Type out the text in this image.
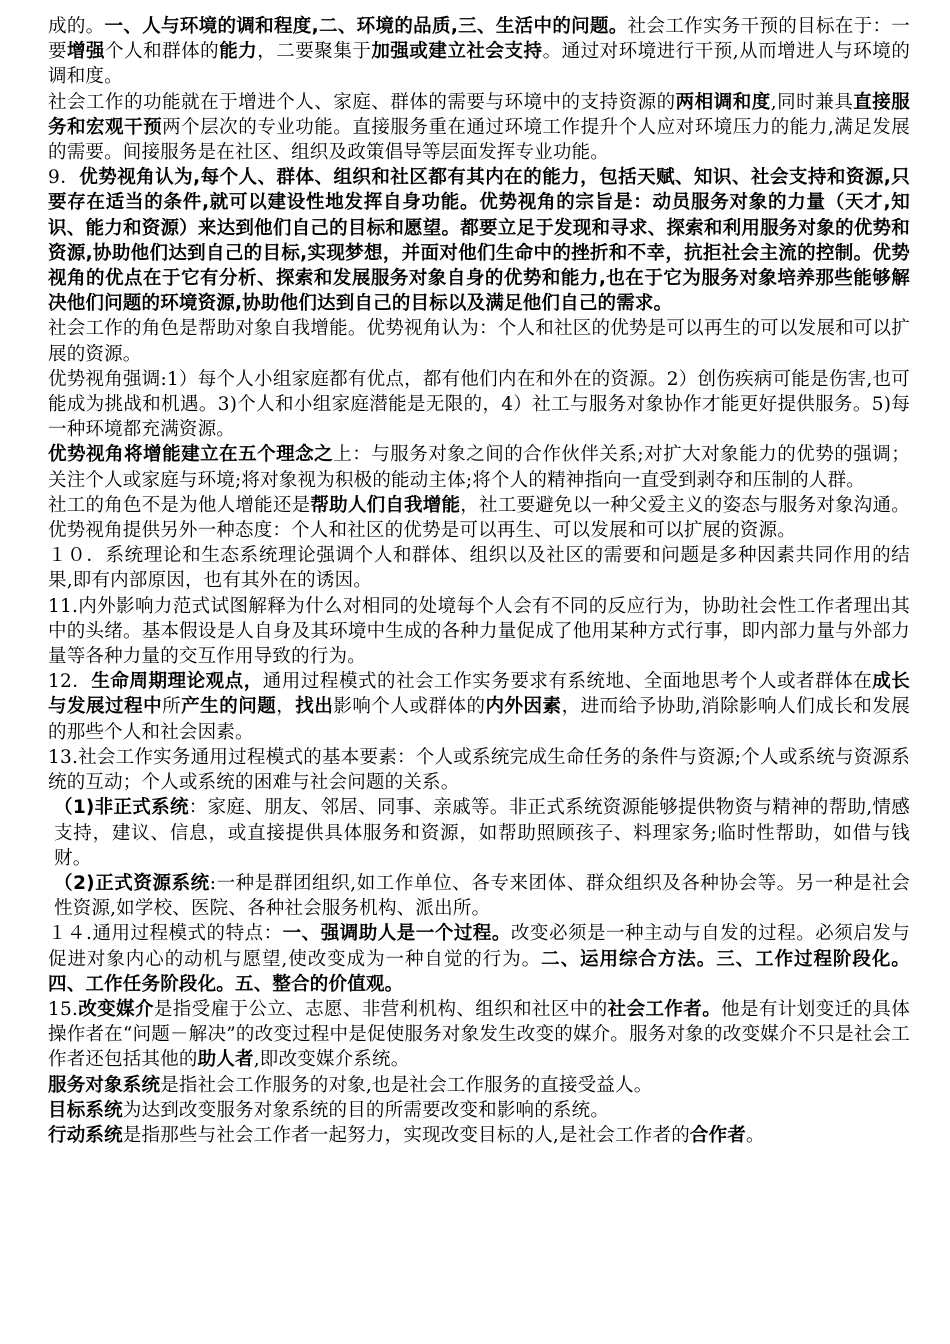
成的。一、人与环境的调和程度,二、环境的品质,三、生活中的问题。社会工作实务干预的目标在于：一要增强个人和群体的能力，二要聚集于加强或建立社会支持。通过对环境进行干预,从而增进人与环境的调和度。

社会工作的功能就在于增进个人、家庭、群体的需要与环境中的支持资源的两相调和度,同时兼具直接服务和宏观干预两个层次的专业功能。直接服务重在通过环境工作提升个人应对环境压力的能力,满足发展的需要。间接服务是在社区、组织及政策倡导等层面发挥专业功能。

9．优势视角认为,每个人、群体、组织和社区都有其内在的能力，包括天赋、知识、社会支持和资源,只要存在适当的条件,就可以建设性地发挥自身功能。优势视角的宗旨是：动员服务对象的力量（天才,知识、能力和资源）来达到他们自己的目标和愿望。都要立足于发现和寻求、探索和利用服务对象的优势和资源,协助他们达到自己的目标,实现梦想，并面对他们生命中的挫折和不幸，抗拒社会主流的控制。优势视角的优点在于它有分析、探索和发展服务对象自身的优势和能力,也在于它为服务对象培养那些能够解决他们问题的环境资源,协助他们达到自己的目标以及满足他们自己的需求。

社会工作的角色是帮助对象自我增能。优势视角认为：个人和社区的优势是可以再生的可以发展和可以扩展的资源。

优势视角强调:1）每个人小组家庭都有优点，都有他们内在和外在的资源。2）创伤疾病可能是伤害,也可能成为挑战和机遇。3)个人和小组家庭潜能是无限的，4）社工与服务对象协作才能更好提供服务。5)每一种环境都充满资源。

优势视角将增能建立在五个理念之上：与服务对象之间的合作伙伴关系;对扩大对象能力的优势的强调；关注个人或家庭与环境;将对象视为积极的能动主体;将个人的精神指向一直受到剥夺和压制的人群。

社工的角色不是为他人增能还是帮助人们自我增能，社工要避免以一种父爱主义的姿态与服务对象沟通。优势视角提供另外一种态度：个人和社区的优势是可以再生、可以发展和可以扩展的资源。

１０．系统理论和生态系统理论强调个人和群体、组织以及社区的需要和问题是多种因素共同作用的结果,即有内部原因，也有其外在的诱因。

11.内外影响力范式试图解释为什么对相同的处境每个人会有不同的反应行为，协助社会性工作者理出其中的头绪。基本假设是人自身及其环境中生成的各种力量促成了他用某种方式行事，即内部力量与外部力量等各种力量的交互作用导致的行为。

12．生命周期理论观点，通用过程模式的社会工作实务要求有系统地、全面地思考个人或者群体在成长与发展过程中所产生的问题，找出影响个人或群体的内外因素，进而给予协助,消除影响人们成长和发展的那些个人和社会因素。

13.社会工作实务通用过程模式的基本要素：个人或系统完成生命任务的条件与资源;个人或系统与资源系统的互动；个人或系统的困难与社会问题的关系。

（1)非正式系统：家庭、朋友、邻居、同事、亲戚等。非正式系统资源能够提供物资与精神的帮助,情感支持，建议、信息，或直接提供具体服务和资源，如帮助照顾孩子、料理家务;临时性帮助，如借与钱财。

（2)正式资源系统:一种是群团组织,如工作单位、各专来团体、群众组织及各种协会等。另一种是社会性资源,如学校、医院、各种社会服务机构、派出所。

１４.通用过程模式的特点：一、强调助人是一个过程。改变必须是一种主动与自发的过程。必须启发与促进对象内心的动机与愿望,使改变成为一种自觉的行为。二、运用综合方法。三、工作过程阶段化。四、工作任务阶段化。五、整合的价值观。

15.改变媒介是指受雇于公立、志愿、非营利机构、组织和社区中的社会工作者。他是有计划变迁的具体操作者在“问题－解决”的改变过程中是促使服务对象发生改变的媒介。服务对象的改变媒介不只是社会工作者还包括其他的助人者,即改变媒介系统。

服务对象系统是指社会工作服务的对象,也是社会工作服务的直接受益人。

目标系统为达到改变服务对象系统的目的所需要改变和影响的系统。

行动系统是指那些与社会工作者一起努力，实现改变目标的人,是社会工作者的合作者。
